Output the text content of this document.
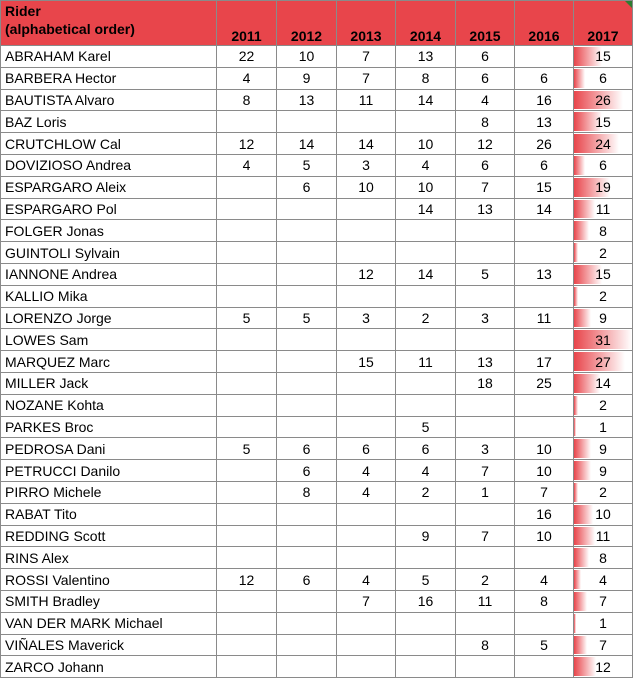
Rider
(alphabetical order)	2011	2012	2013	2014	2015	2016	2017
ABRAHAM Karel	22	10	7	13	6		15
BARBERA Hector	4	9	7	8	6	6	6
BAUTISTA Alvaro	8	13	11	14	4	16	26
BAZ Loris					8	13	15
CRUTCHLOW Cal	12	14	14	10	12	26	24
DOVIZIOSO Andrea	4	5	3	4	6	6	6
ESPARGARO Aleix		6	10	10	7	15	19
ESPARGARO Pol				14	13	14	11
FOLGER Jonas							8
GUINTOLI Sylvain							2
IANNONE Andrea			12	14	5	13	15
KALLIO Mika							2
LORENZO Jorge	5	5	3	2	3	11	9
LOWES Sam							31
MARQUEZ Marc			15	11	13	17	27
MILLER Jack					18	25	14
NOZANE Kohta							2
PARKES Broc				5			1
PEDROSA Dani	5	6	6	6	3	10	9
PETRUCCI Danilo		6	4	4	7	10	9
PIRRO Michele		8	4	2	1	7	2
RABAT Tito						16	10
REDDING Scott				9	7	10	11
RINS Alex							8
ROSSI Valentino	12	6	4	5	2	4	4
SMITH Bradley			7	16	11	8	7
VAN DER MARK Michael							1
VIÑALES Maverick					8	5	7
ZARCO Johann							12
